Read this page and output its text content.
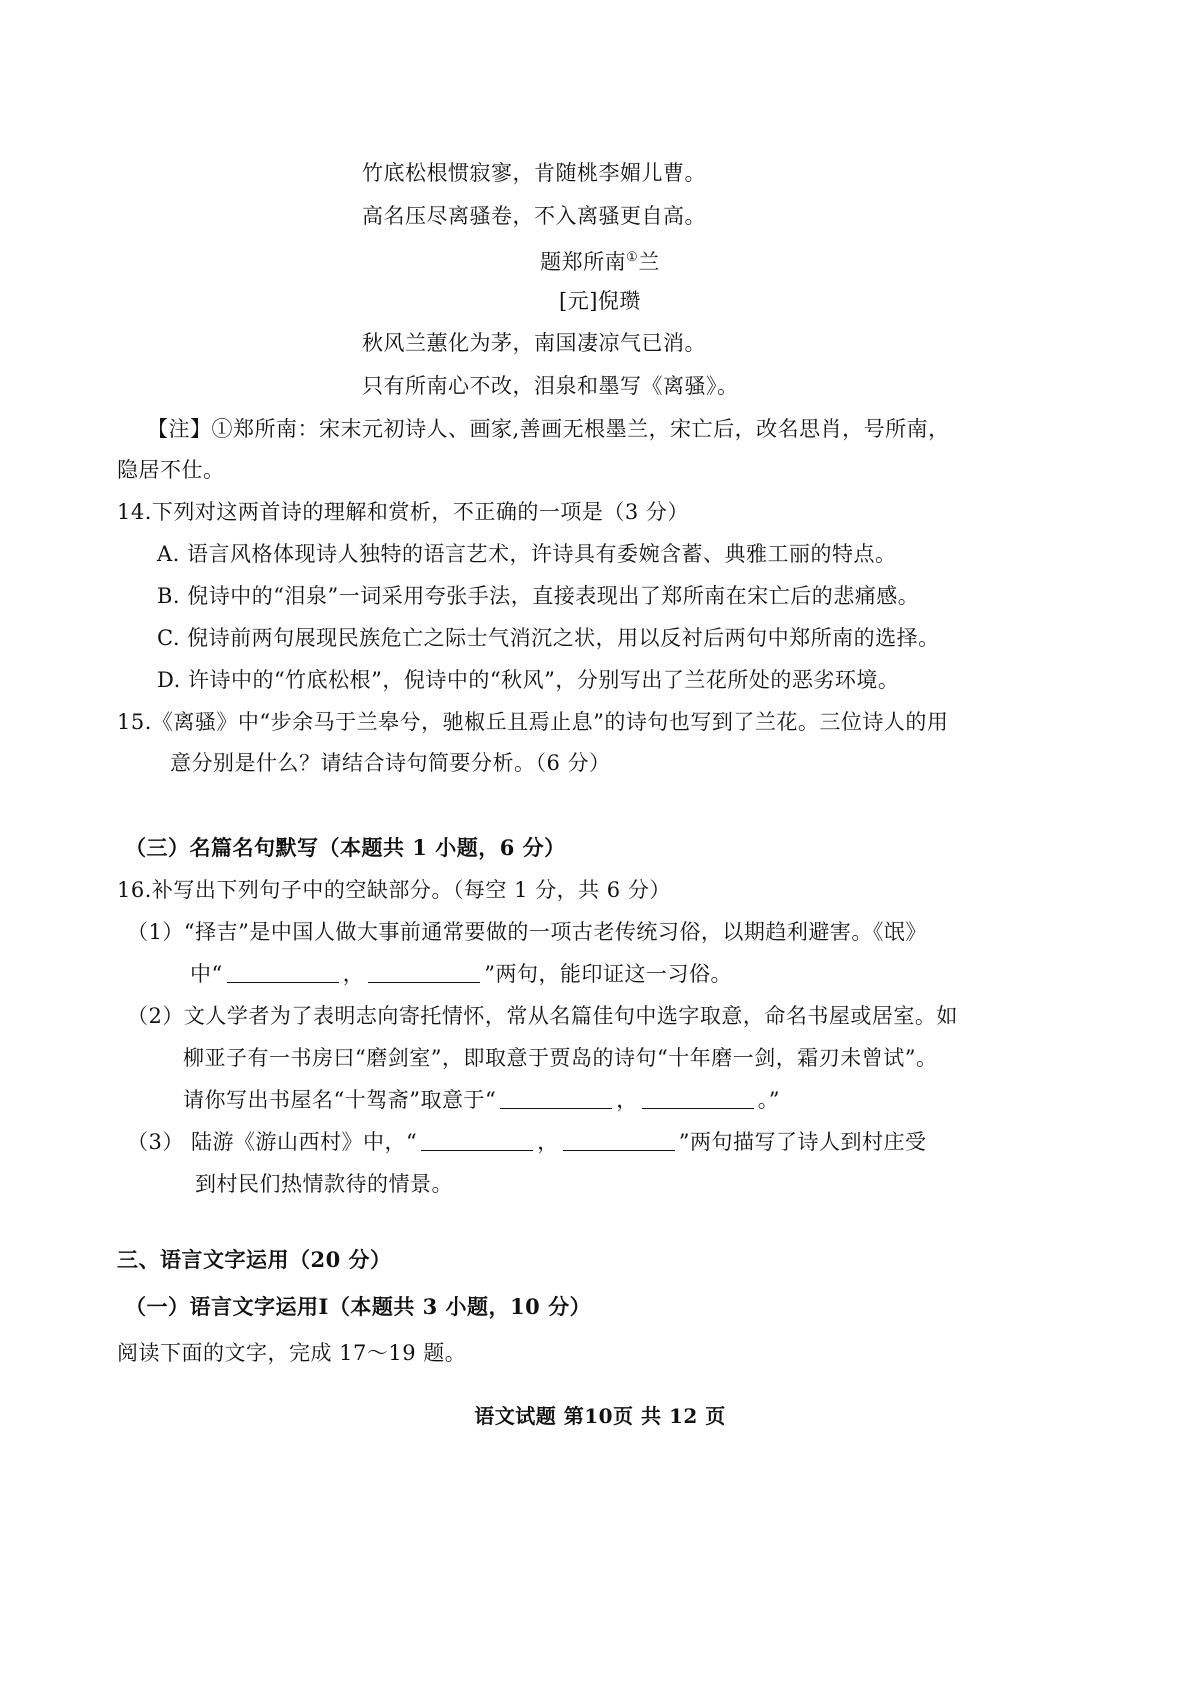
竹底松根惯寂寥，肯随桃李媚儿曹。
高名压尽离骚卷，不入离骚更自高。
题郑所南①兰
[元]倪瓒
秋风兰蕙化为茅，南国凄凉气已消。
只有所南心不改，泪泉和墨写《离骚》。
【注】①郑所南：宋末元初诗人、画家,善画无根墨兰，宋亡后，改名思肖，号所南，
隐居不仕。
14.下列对这两首诗的理解和赏析，不正确的一项是（3 分）
A. 语言风格体现诗人独特的语言艺术，许诗具有委婉含蓄、典雅工丽的特点。
B. 倪诗中的“泪泉”一词采用夸张手法，直接表现出了郑所南在宋亡后的悲痛感。
C. 倪诗前两句展现民族危亡之际士气消沉之状，用以反衬后两句中郑所南的选择。
D. 许诗中的“竹底松根”，倪诗中的“秋风”，分别写出了兰花所处的恶劣环境。
15.《离骚》中“步余马于兰皋兮，驰椒丘且焉止息”的诗句也写到了兰花。三位诗人的用
意分别是什么？请结合诗句简要分析。（6 分）
（三）名篇名句默写（本题共 1 小题，6 分）
16.补写出下列句子中的空缺部分。（每空 1 分，共 6 分）
（1）“择吉”是中国人做大事前通常要做的一项古老传统习俗，以期趋利避害。《氓》
中“	，	”两句，能印证这一习俗。
（2）文人学者为了表明志向寄托情怀，常从名篇佳句中选字取意，命名书屋或居室。如
柳亚子有一书房曰“磨剑室”，即取意于贾岛的诗句“十年磨一剑，霜刃未曾试”。
请你写出书屋名“十驾斋”取意于“	，	。”
（3） 陆游《游山西村》中，“	，	”两句描写了诗人到村庄受
到村民们热情款待的情景。
三、语言文字运用（20 分）
（一）语言文字运用Ⅰ（本题共 3 小题，10 分）
阅读下面的文字，完成 17～19 题。
语文试题 第10页 共 12 页
